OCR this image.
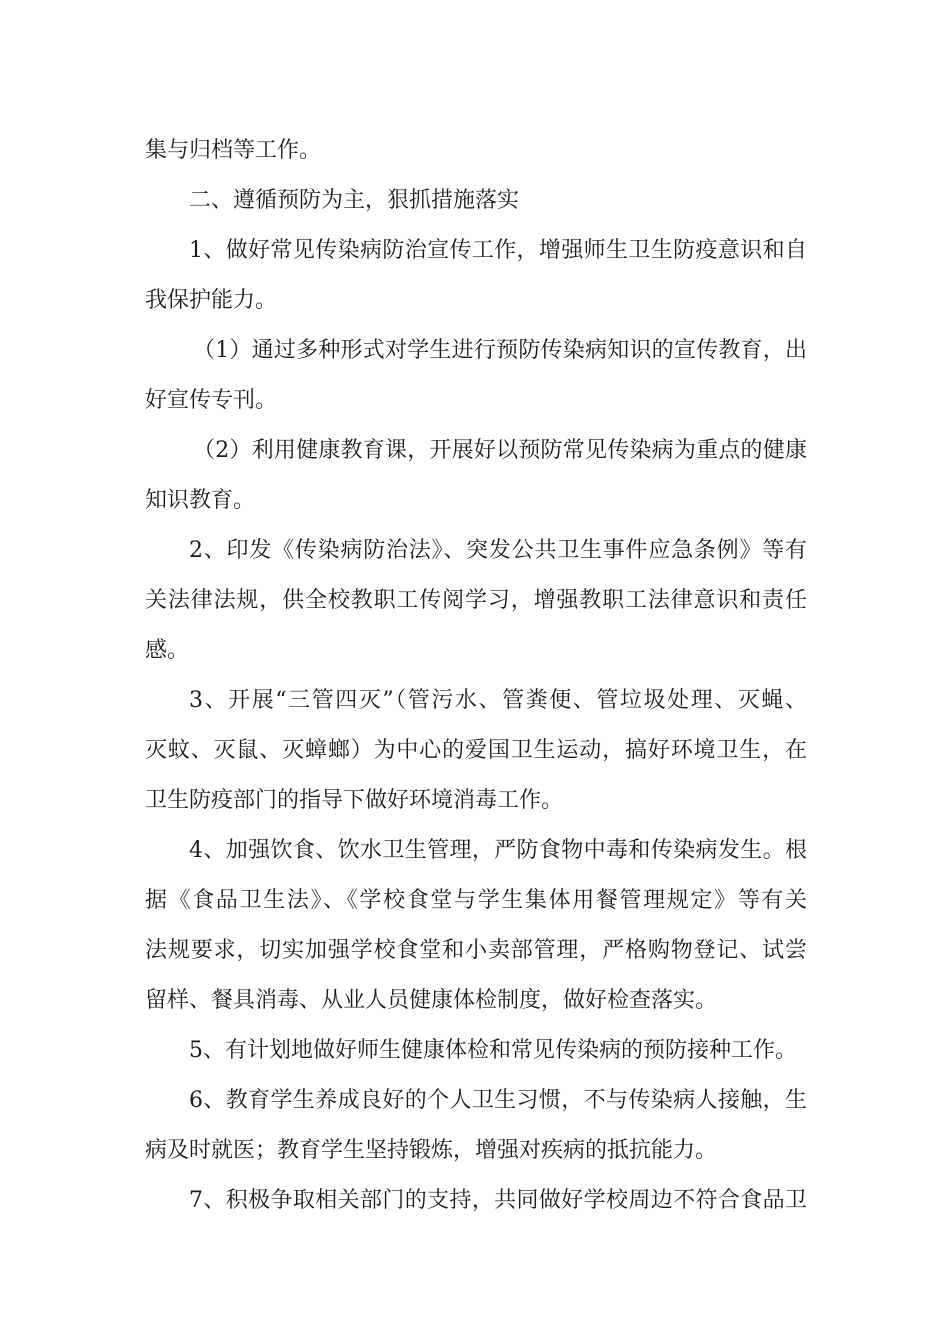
集与归档等工作。
二、遵循预防为主，狠抓措施落实
1、做好常见传染病防治宣传工作，增强师生卫生防疫意识和自
我保护能力。
（1）通过多种形式对学生进行预防传染病知识的宣传教育，出
好宣传专刊。
（2）利用健康教育课，开展好以预防常见传染病为重点的健康
知识教育。
2、印发《传染病防治法》、突发公共卫生事件应急条例》等有
关法律法规，供全校教职工传阅学习，增强教职工法律意识和责任
感。
3、开展“三管四灭”（管污水、管粪便、管垃圾处理、灭蝇、
灭蚊、灭鼠、灭蟑螂）为中心的爱国卫生运动，搞好环境卫生，在
卫生防疫部门的指导下做好环境消毒工作。
4、加强饮食、饮水卫生管理，严防食物中毒和传染病发生。根
据《食品卫生法》、《学校食堂与学生集体用餐管理规定》等有关
法规要求，切实加强学校食堂和小卖部管理，严格购物登记、试尝
留样、餐具消毒、从业人员健康体检制度，做好检查落实。
5、有计划地做好师生健康体检和常见传染病的预防接种工作。
6、教育学生养成良好的个人卫生习惯，不与传染病人接触，生
病及时就医；教育学生坚持锻炼，增强对疾病的抵抗能力。
7、积极争取相关部门的支持，共同做好学校周边不符合食品卫
